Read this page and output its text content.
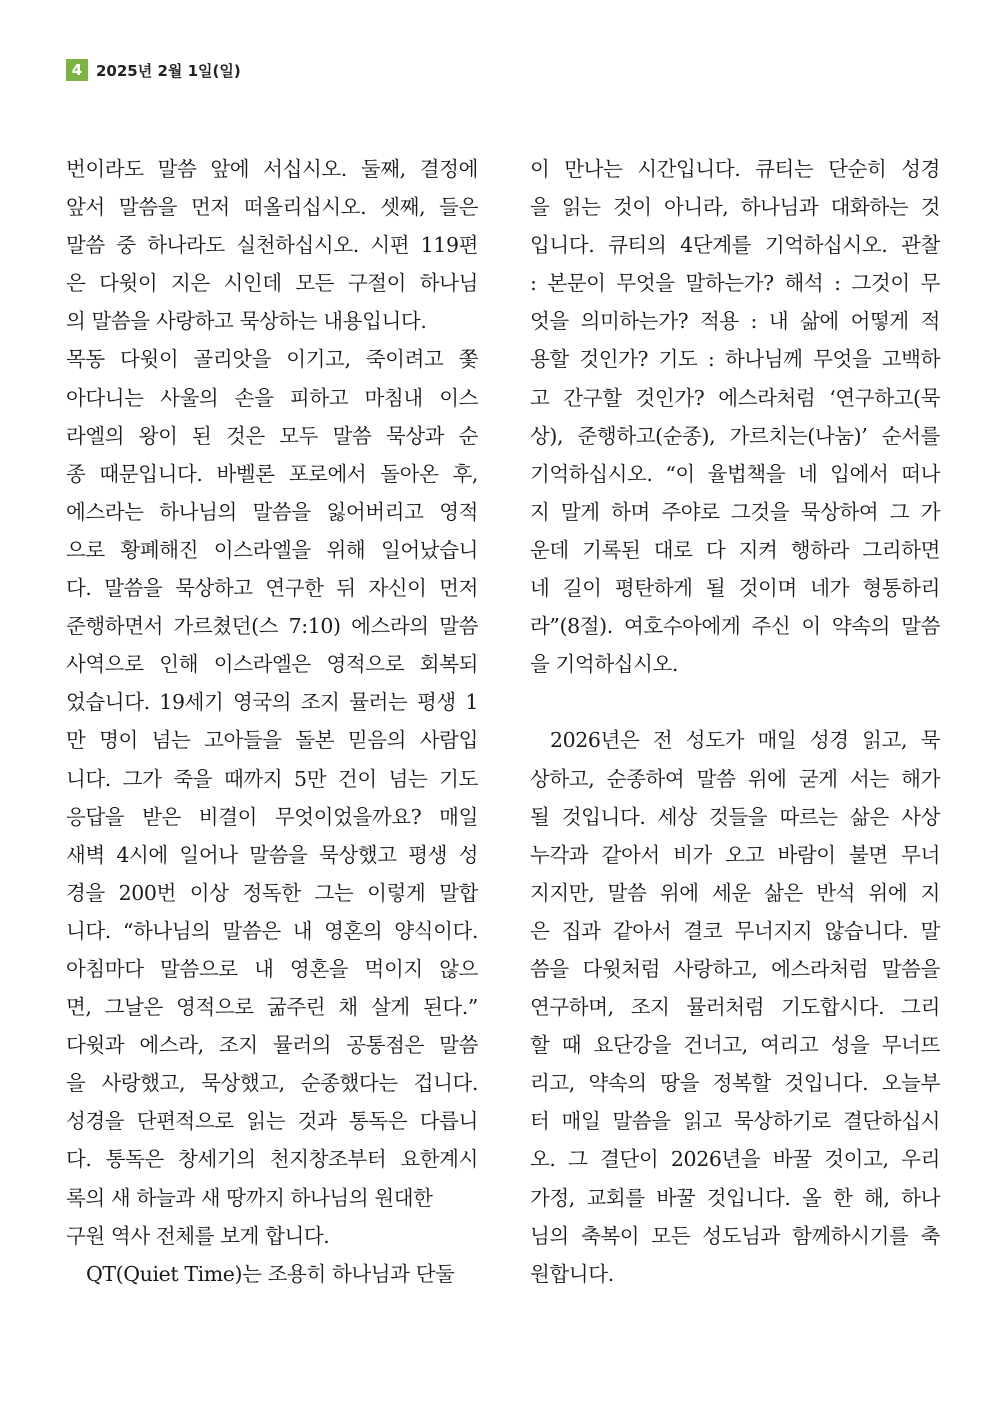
4 2025년 2월 1일(일)
번이라도 말씀 앞에 서십시오. 둘째, 결정에
앞서 말씀을 먼저 떠올리십시오. 셋째, 들은
말씀 중 하나라도 실천하십시오. 시편 119편
은 다윗이 지은 시인데 모든 구절이 하나님
의 말씀을 사랑하고 묵상하는 내용입니다.
목동 다윗이 골리앗을 이기고, 죽이려고 쫓
아다니는 사울의 손을 피하고 마침내 이스
라엘의 왕이 된 것은 모두 말씀 묵상과 순
종 때문입니다. 바벨론 포로에서 돌아온 후,
에스라는 하나님의 말씀을 잃어버리고 영적
으로 황폐해진 이스라엘을 위해 일어났습니
다. 말씀을 묵상하고 연구한 뒤 자신이 먼저
준행하면서 가르쳤던(스 7:10) 에스라의 말씀
사역으로 인해 이스라엘은 영적으로 회복되
었습니다. 19세기 영국의 조지 뮬러는 평생 1
만 명이 넘는 고아들을 돌본 믿음의 사람입
니다. 그가 죽을 때까지 5만 건이 넘는 기도
응답을 받은 비결이 무엇이었을까요? 매일
새벽 4시에 일어나 말씀을 묵상했고 평생 성
경을 200번 이상 정독한 그는 이렇게 말합
니다. “하나님의 말씀은 내 영혼의 양식이다.
아침마다 말씀으로 내 영혼을 먹이지 않으
면, 그날은 영적으로 굶주린 채 살게 된다.”
다윗과 에스라, 조지 뮬러의 공통점은 말씀
을 사랑했고, 묵상했고, 순종했다는 겁니다.
성경을 단편적으로 읽는 것과 통독은 다릅니
다. 통독은 창세기의 천지창조부터 요한계시
록의 새 하늘과 새 땅까지 하나님의 원대한
구원 역사 전체를 보게 합니다.
QT(Quiet Time)는 조용히 하나님과 단둘
이 만나는 시간입니다. 큐티는 단순히 성경
을 읽는 것이 아니라, 하나님과 대화하는 것
입니다. 큐티의 4단계를 기억하십시오. 관찰
: 본문이 무엇을 말하는가? 해석 : 그것이 무
엇을 의미하는가? 적용 : 내 삶에 어떻게 적
용할 것인가? 기도 : 하나님께 무엇을 고백하
고 간구할 것인가? 에스라처럼 ‘연구하고(묵
상), 준행하고(순종), 가르치는(나눔)’ 순서를
기억하십시오. “이 율법책을 네 입에서 떠나
지 말게 하며 주야로 그것을 묵상하여 그 가
운데 기록된 대로 다 지켜 행하라 그리하면
네 길이 평탄하게 될 것이며 네가 형통하리
라”(8절). 여호수아에게 주신 이 약속의 말씀
을 기억하십시오.
2026년은 전 성도가 매일 성경 읽고, 묵
상하고, 순종하여 말씀 위에 굳게 서는 해가
될 것입니다. 세상 것들을 따르는 삶은 사상
누각과 같아서 비가 오고 바람이 불면 무너
지지만, 말씀 위에 세운 삶은 반석 위에 지
은 집과 같아서 결코 무너지지 않습니다. 말
씀을 다윗처럼 사랑하고, 에스라처럼 말씀을
연구하며, 조지 뮬러처럼 기도합시다. 그리
할 때 요단강을 건너고, 여리고 성을 무너뜨
리고, 약속의 땅을 정복할 것입니다. 오늘부
터 매일 말씀을 읽고 묵상하기로 결단하십시
오. 그 결단이 2026년을 바꿀 것이고, 우리
가정, 교회를 바꿀 것입니다. 올 한 해, 하나
님의 축복이 모든 성도님과 함께하시기를 축
원합니다.
